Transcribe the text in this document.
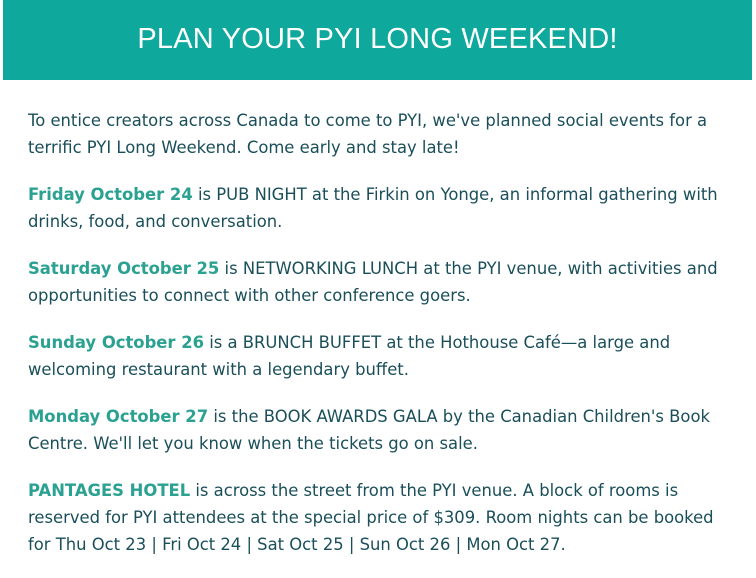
PLAN YOUR PYI LONG WEEKEND!

To entice creators across Canada to come to PYI, we've planned social events for a terrific PYI Long Weekend. Come early and stay late!

Friday October 24 is PUB NIGHT at the Firkin on Yonge, an informal gathering with drinks, food, and conversation.

Saturday October 25 is NETWORKING LUNCH at the PYI venue, with activities and opportunities to connect with other conference goers.

Sunday October 26 is a BRUNCH BUFFET at the Hothouse Café—a large and welcoming restaurant with a legendary buffet.

Monday October 27 is the BOOK AWARDS GALA by the Canadian Children's Book Centre. We'll let you know when the tickets go on sale.

PANTAGES HOTEL is across the street from the PYI venue. A block of rooms is reserved for PYI attendees at the special price of $309. Room nights can be booked for Thu Oct 23 | Fri Oct 24 | Sat Oct 25 | Sun Oct 26 | Mon Oct 27.
